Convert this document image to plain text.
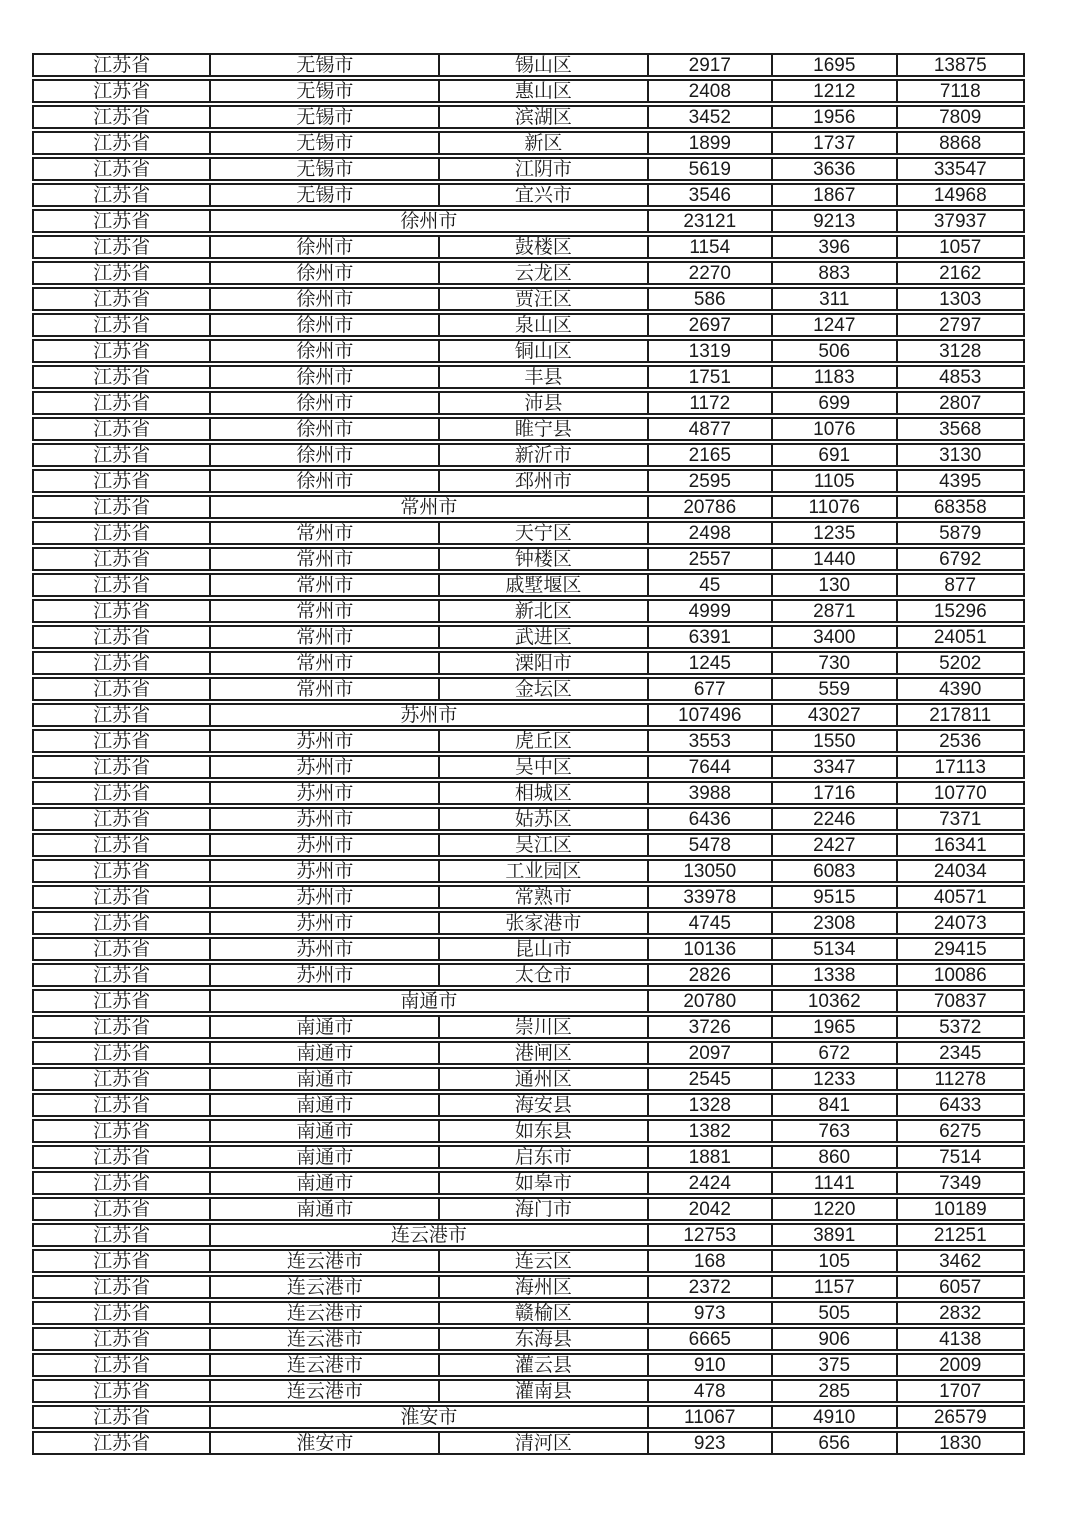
江苏省	无锡市	锡山区	2917	1695	13875
江苏省	无锡市	惠山区	2408	1212	7118
江苏省	无锡市	滨湖区	3452	1956	7809
江苏省	无锡市	新区	1899	1737	8868
江苏省	无锡市	江阴市	5619	3636	33547
江苏省	无锡市	宜兴市	3546	1867	14968
江苏省	徐州市	23121	9213	37937
江苏省	徐州市	鼓楼区	1154	396	1057
江苏省	徐州市	云龙区	2270	883	2162
江苏省	徐州市	贾汪区	586	311	1303
江苏省	徐州市	泉山区	2697	1247	2797
江苏省	徐州市	铜山区	1319	506	3128
江苏省	徐州市	丰县	1751	1183	4853
江苏省	徐州市	沛县	1172	699	2807
江苏省	徐州市	睢宁县	4877	1076	3568
江苏省	徐州市	新沂市	2165	691	3130
江苏省	徐州市	邳州市	2595	1105	4395
江苏省	常州市	20786	11076	68358
江苏省	常州市	天宁区	2498	1235	5879
江苏省	常州市	钟楼区	2557	1440	6792
江苏省	常州市	戚墅堰区	45	130	877
江苏省	常州市	新北区	4999	2871	15296
江苏省	常州市	武进区	6391	3400	24051
江苏省	常州市	溧阳市	1245	730	5202
江苏省	常州市	金坛区	677	559	4390
江苏省	苏州市	107496	43027	217811
江苏省	苏州市	虎丘区	3553	1550	2536
江苏省	苏州市	吴中区	7644	3347	17113
江苏省	苏州市	相城区	3988	1716	10770
江苏省	苏州市	姑苏区	6436	2246	7371
江苏省	苏州市	吴江区	5478	2427	16341
江苏省	苏州市	工业园区	13050	6083	24034
江苏省	苏州市	常熟市	33978	9515	40571
江苏省	苏州市	张家港市	4745	2308	24073
江苏省	苏州市	昆山市	10136	5134	29415
江苏省	苏州市	太仓市	2826	1338	10086
江苏省	南通市	20780	10362	70837
江苏省	南通市	崇川区	3726	1965	5372
江苏省	南通市	港闸区	2097	672	2345
江苏省	南通市	通州区	2545	1233	11278
江苏省	南通市	海安县	1328	841	6433
江苏省	南通市	如东县	1382	763	6275
江苏省	南通市	启东市	1881	860	7514
江苏省	南通市	如皋市	2424	1141	7349
江苏省	南通市	海门市	2042	1220	10189
江苏省	连云港市	12753	3891	21251
江苏省	连云港市	连云区	168	105	3462
江苏省	连云港市	海州区	2372	1157	6057
江苏省	连云港市	赣榆区	973	505	2832
江苏省	连云港市	东海县	6665	906	4138
江苏省	连云港市	灌云县	910	375	2009
江苏省	连云港市	灌南县	478	285	1707
江苏省	淮安市	11067	4910	26579
江苏省	淮安市	清河区	923	656	1830
